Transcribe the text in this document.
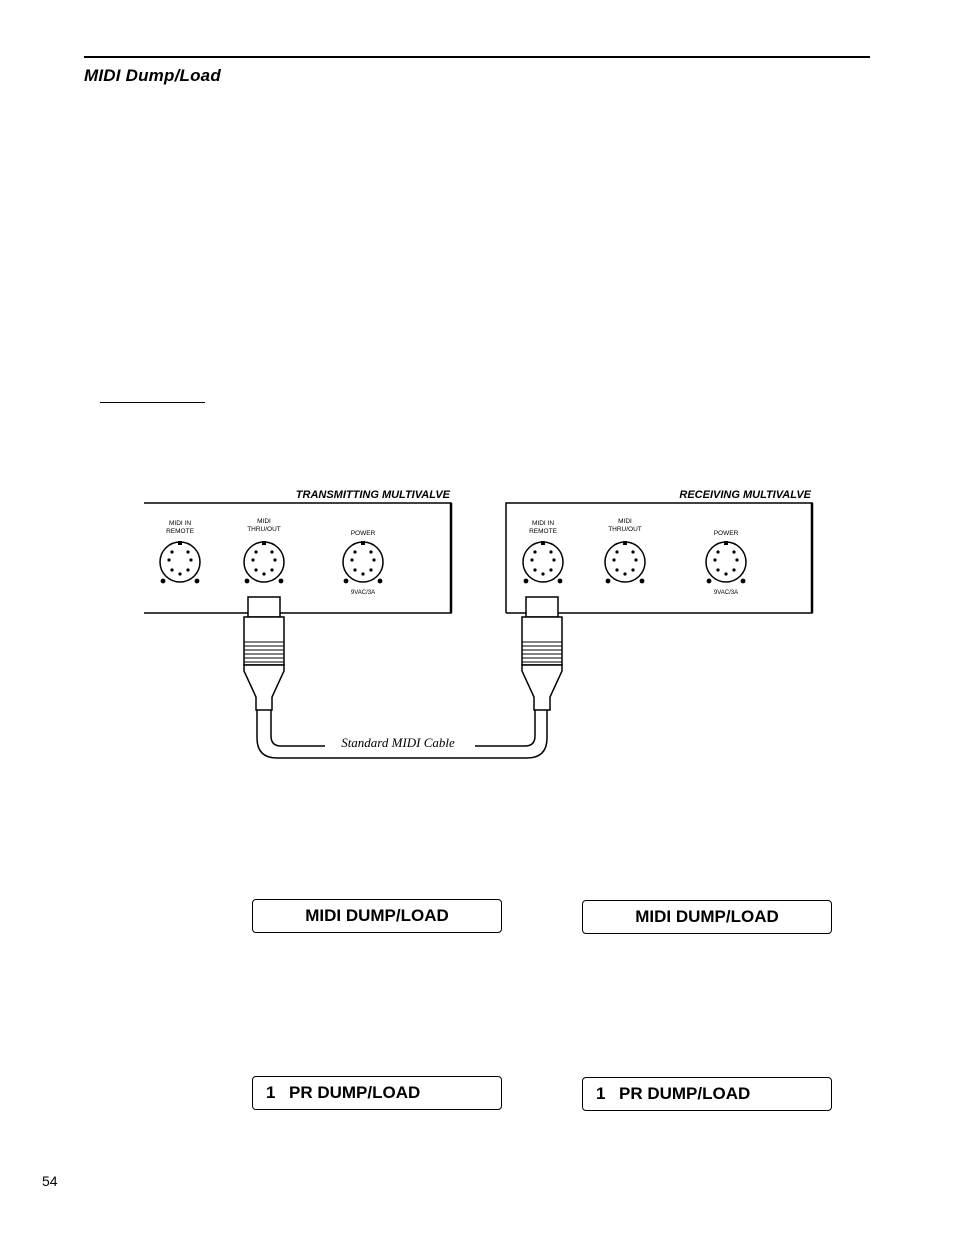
MIDI Dump/Load
TRANSMITTING MULTIVALVE
MIDI IN
REMOTE
MIDI
THRU/OUT
POWER
9VAC/3A
RECEIVING MULTIVALVE
MIDI IN
REMOTE
MIDI
THRU/OUT
POWER
9VAC/3A
Standard MIDI Cable
MIDI DUMP/LOAD	MIDI DUMP/LOAD
1 PR DUMP/LOAD	1 PR DUMP/LOAD
54
